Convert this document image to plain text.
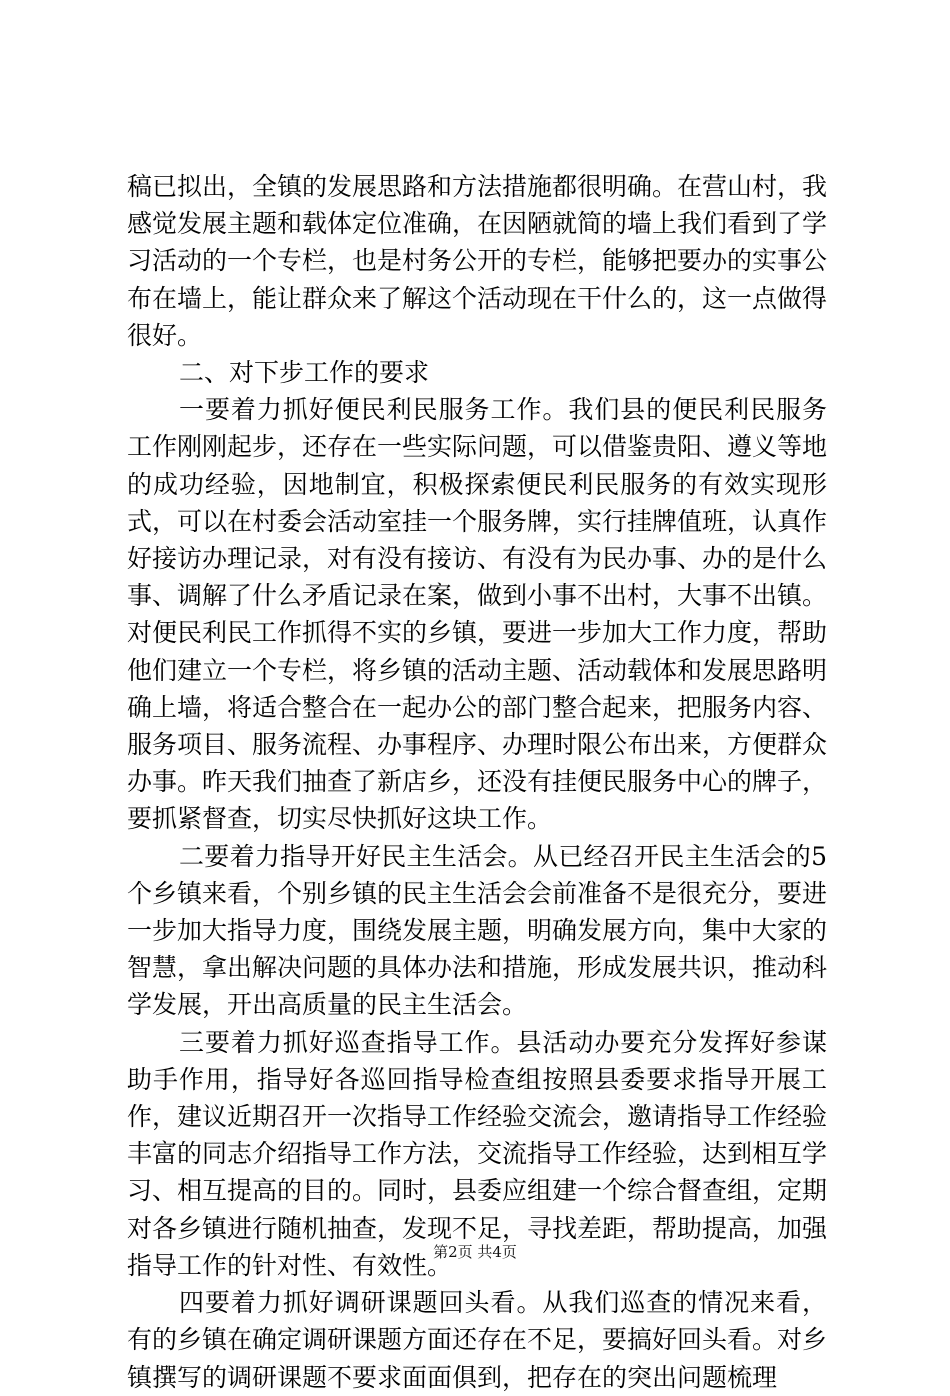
稿已拟出，全镇的发展思路和方法措施都很明确。在营山村，我感觉发展主题和载体定位准确，在因陋就简的墙上我们看到了学习活动的一个专栏，也是村务公开的专栏，能够把要办的实事公布在墙上，能让群众来了解这个活动现在干什么的，这一点做得很好。

二、对下步工作的要求

一要着力抓好便民利民服务工作。我们县的便民利民服务工作刚刚起步，还存在一些实际问题，可以借鉴贵阳、遵义等地的成功经验，因地制宜，积极探索便民利民服务的有效实现形式，可以在村委会活动室挂一个服务牌，实行挂牌值班，认真作好接访办理记录，对有没有接访、有没有为民办事、办的是什么事、调解了什么矛盾记录在案，做到小事不出村，大事不出镇。对便民利民工作抓得不实的乡镇，要进一步加大工作力度，帮助他们建立一个专栏，将乡镇的活动主题、活动载体和发展思路明确上墙，将适合整合在一起办公的部门整合起来，把服务内容、服务项目、服务流程、办事程序、办理时限公布出来，方便群众办事。昨天我们抽查了新店乡，还没有挂便民服务中心的牌子，要抓紧督查，切实尽快抓好这块工作。

二要着力指导开好民主生活会。从已经召开民主生活会的5个乡镇来看，个别乡镇的民主生活会会前准备不是很充分，要进一步加大指导力度，围绕发展主题，明确发展方向，集中大家的智慧，拿出解决问题的具体办法和措施，形成发展共识，推动科学发展，开出高质量的民主生活会。

三要着力抓好巡查指导工作。县活动办要充分发挥好参谋助手作用，指导好各巡回指导检查组按照县委要求指导开展工作，建议近期召开一次指导工作经验交流会，邀请指导工作经验丰富的同志介绍指导工作方法，交流指导工作经验，达到相互学习、相互提高的目的。同时，县委应组建一个综合督查组，定期对各乡镇进行随机抽查，发现不足，寻找差距，帮助提高，加强指导工作的针对性、有效性。

四要着力抓好调研课题回头看。从我们巡查的情况来看，有的乡镇在确定调研课题方面还存在不足，要搞好回头看。对乡镇撰写的调研课题不要求面面俱到，把存在的突出问题梳理

第2页 共4页
